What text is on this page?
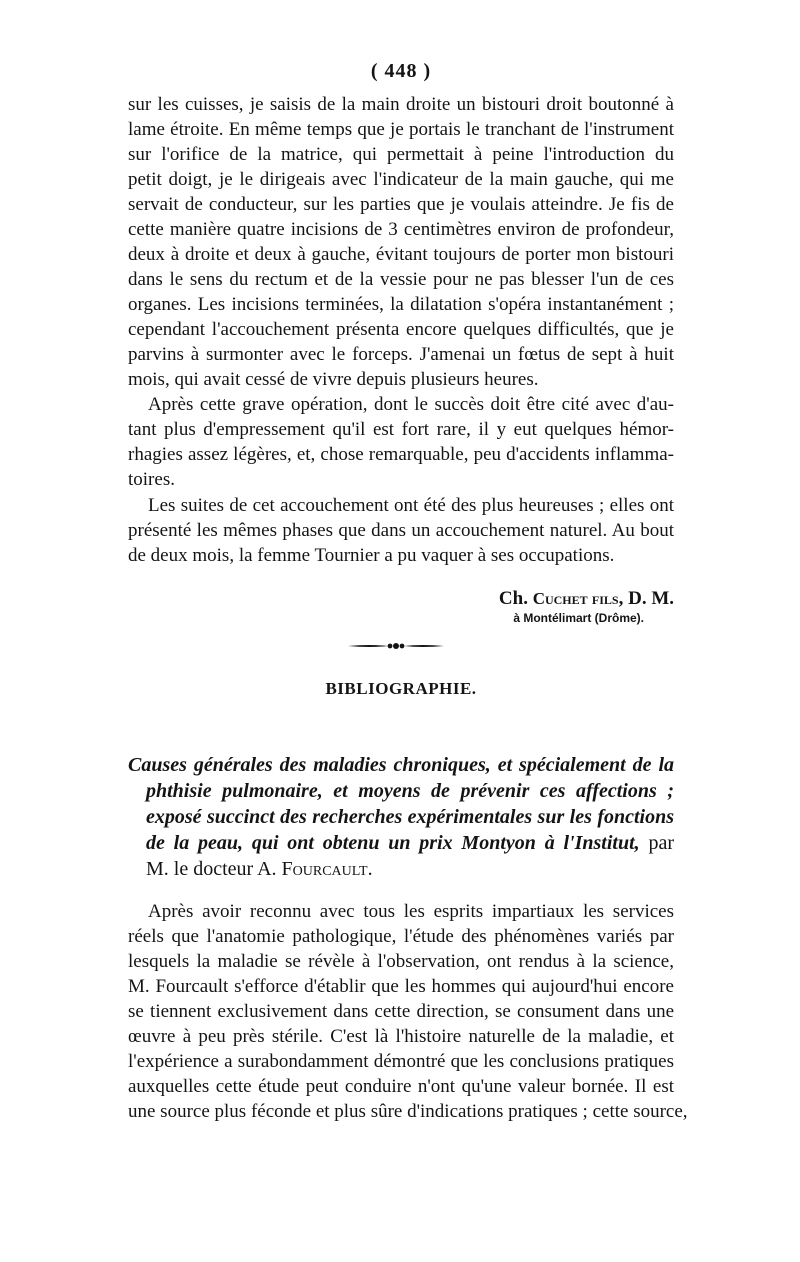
( 448 )
sur les cuisses, je saisis de la main droite un bistouri droit boutonné à
lame étroite. En même temps que je portais le tranchant de l'instrument
sur l'orifice de la matrice, qui permettait à peine l'introduction du
petit doigt, je le dirigeais avec l'indicateur de la main gauche, qui me
servait de conducteur, sur les parties que je voulais atteindre. Je fis de
cette manière quatre incisions de 3 centimètres environ de profondeur,
deux à droite et deux à gauche, évitant toujours de porter mon bistouri
dans le sens du rectum et de la vessie pour ne pas blesser l'un de ces
organes. Les incisions terminées, la dilatation s'opéra instantanément ;
cependant l'accouchement présenta encore quelques difficultés, que je
parvins à surmonter avec le forceps. J'amenai un fœtus de sept à huit
mois, qui avait cessé de vivre depuis plusieurs heures.
Après cette grave opération, dont le succès doit être cité avec d'au-
tant plus d'empressement qu'il est fort rare, il y eut quelques hémor-
rhagies assez légères, et, chose remarquable, peu d'accidents inflamma-
toires.
Les suites de cet accouchement ont été des plus heureuses ; elles ont
présenté les mêmes phases que dans un accouchement naturel. Au bout
de deux mois, la femme Tournier a pu vaquer à ses occupations.
Ch. Cuchet fils, D. M.
à Montélimart (Drôme).
BIBLIOGRAPHIE.
Causes générales des maladies chroniques, et spécialement de la
phthisie pulmonaire, et moyens de prévenir ces affections ;
exposé succinct des recherches expérimentales sur les fonctions
de la peau, qui ont obtenu un prix Montyon à l'Institut, par
M. le docteur A. Fourcault.
Après avoir reconnu avec tous les esprits impartiaux les services
réels que l'anatomie pathologique, l'étude des phénomènes variés par
lesquels la maladie se révèle à l'observation, ont rendus à la science,
M. Fourcault s'efforce d'établir que les hommes qui aujourd'hui encore
se tiennent exclusivement dans cette direction, se consument dans une
œuvre à peu près stérile. C'est là l'histoire naturelle de la maladie, et
l'expérience a surabondamment démontré que les conclusions pratiques
auxquelles cette étude peut conduire n'ont qu'une valeur bornée. Il est
une source plus féconde et plus sûre d'indications pratiques ; cette source,
